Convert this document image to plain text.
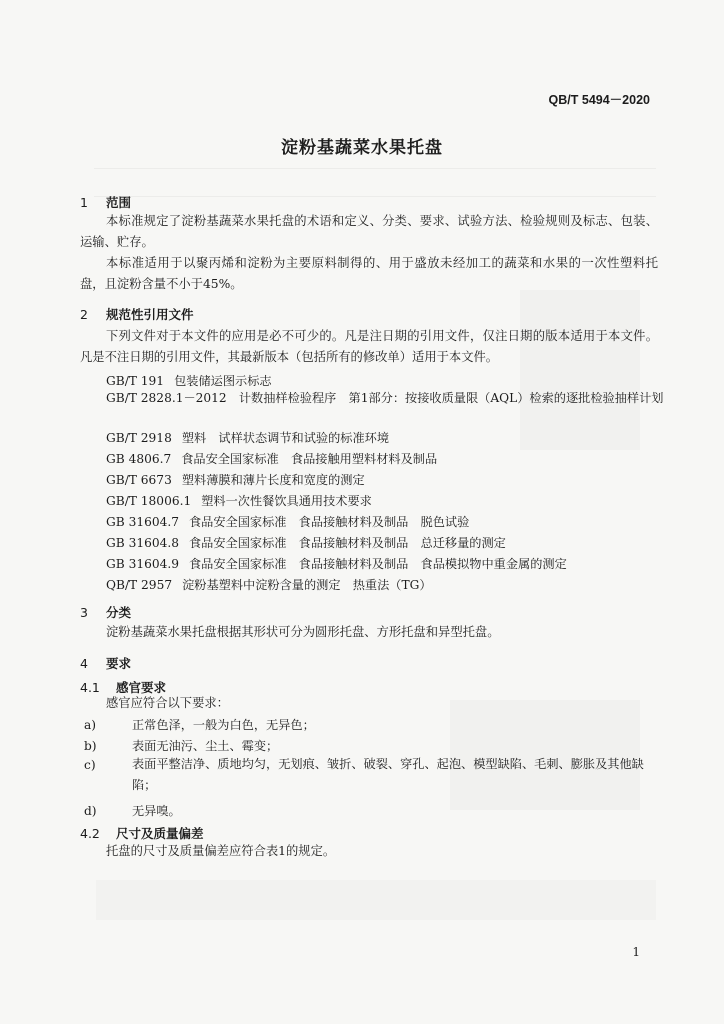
QB/T 5494－2020
淀粉基蔬菜水果托盘
1 范围

本标准规定了淀粉基蔬菜水果托盘的术语和定义、分类、要求、试验方法、检验规则及标志、包装、运输、贮存。

本标准适用于以聚丙烯和淀粉为主要原料制得的、用于盛放未经加工的蔬菜和水果的一次性塑料托盘，且淀粉含量不小于45%。

2 规范性引用文件

下列文件对于本文件的应用是必不可少的。凡是注日期的引用文件，仅注日期的版本适用于本文件。凡是不注日期的引用文件，其最新版本（包括所有的修改单）适用于本文件。

GB/T 191 包装储运图示标志

GB/T 2828.1－2012　 计数抽样检验程序　第1部分：按接收质量限（AQL）检索的逐批检验抽样计划

GB/T 2918 塑料　试样状态调节和试验的标准环境
GB 4806.7 食品安全国家标准　食品接触用塑料材料及制品
GB/T 6673 塑料薄膜和薄片长度和宽度的测定
GB/T 18006.1 塑料一次性餐饮具通用技术要求
GB 31604.7 食品安全国家标准　食品接触材料及制品　脱色试验
GB 31604.8 食品安全国家标准　食品接触材料及制品　总迁移量的测定
GB 31604.9 食品安全国家标准　食品接触材料及制品　食品模拟物中重金属的测定
QB/T 2957 淀粉基塑料中淀粉含量的测定　热重法（TG）
3 分类

淀粉基蔬菜水果托盘根据其形状可分为圆形托盘、方形托盘和异型托盘。

4 要求
4.1 感官要求

感官应符合以下要求：

a)	正常色泽，一般为白色，无异色；
b)	表面无油污、尘土、霉变；
c)	表面平整洁净、质地均匀，无划痕、皱折、破裂、穿孔、起泡、模型缺陷、毛刺、膨胀及其他缺陷；

d)	无异嗅。
4.2 尺寸及质量偏差

托盘的尺寸及质量偏差应符合表1的规定。

1
